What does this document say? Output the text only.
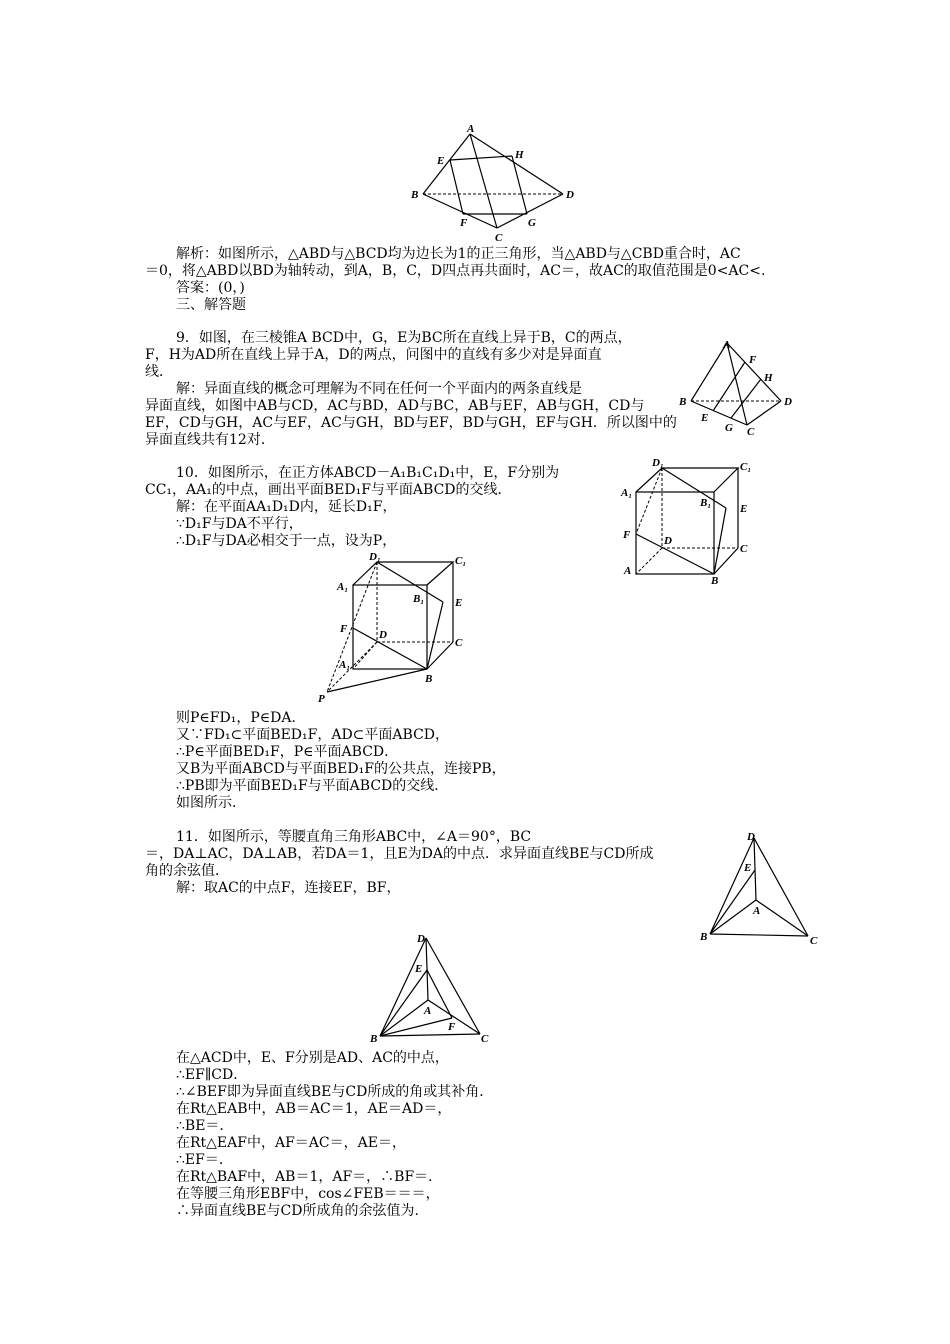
A
E	H
B	D
F	G
C
解析：如图所示，△ABD与△BCD均为边长为1的正三角形，当△ABD与△CBD重合时，AC
＝0，将△ABD以BD为轴转动，到A，B，C，D四点再共面时，AC＝，故AC的取值范围是0<AC<.
答案：(0，)
三、解答题
9．如图，在三棱锥A BCD中，G，E为BC所在直线上异于B，C的两点，
F，H为AD所在直线上异于A，D的两点，问图中的直线有多少对是异面直
线．
解：异面直线的概念可理解为不同在任何一个平面内的两条直线是
异面直线，如图中AB与CD，AC与BD，AD与BC，AB与EF，AB与GH，CD与
EF，CD与GH，AC与EF，AC与GH，BD与EF，BD与GH，EF与GH．所以图中的
异面直线共有12对．
A
F
H
B	D
E
G C
10．如图所示，在正方体ABCD－A₁B₁C₁D₁中，E，F分别为
CC₁，AA₁的中点，画出平面BED₁F与平面ABCD的交线．
解：在平面AA₁D₁D内，延长D₁F，
∵D₁F与DA不平行，
∴D₁F与DA必相交于一点，设为P，
D₁	C₁
A₁
B₁	E
F	D
C
A
B
D₁	C₁
A₁
B₁	E
F	D
C
A₁
B
P
则P∈FD₁，P∈DA．
又∵FD₁⊂平面BED₁F，AD⊂平面ABCD，
∴P∈平面BED₁F，P∈平面ABCD．
又B为平面ABCD与平面BED₁F的公共点，连接PB，
∴PB即为平面BED₁F与平面ABCD的交线．
如图所示．
11．如图所示，等腰直角三角形ABC中，∠A＝90°，BC
＝，DA⊥AC，DA⊥AB，若DA＝1，且E为DA的中点．求异面直线BE与CD所成
角的余弦值．
解：取AC的中点F，连接EF，BF，
D
E
A
B	C
D
E
A
F
B	C
在△ACD中，E、F分别是AD、AC的中点，
∴EF∥CD．
∴∠BEF即为异面直线BE与CD所成的角或其补角．
在Rt△EAB中，AB＝AC＝1，AE＝AD＝，
∴BE＝．
在Rt△EAF中，AF＝AC＝，AE＝，
∴EF＝．
在Rt△BAF中，AB＝1，AF＝，∴BF＝．
在等腰三角形EBF中，cos∠FEB＝＝＝，
∴异面直线BE与CD所成角的余弦值为.
